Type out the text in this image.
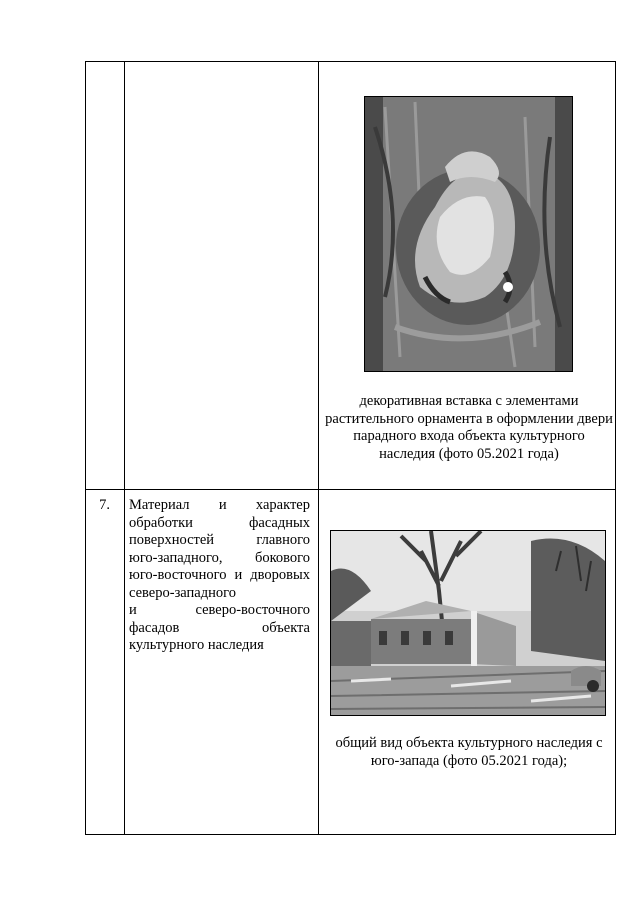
декоративная вставка с элементами растительного орнамента в оформлении двери парадного входа объекта культурного наследия (фото 05.2021 года)
7.	Материал и характер
обработки фасадных
поверхностей главного
юго-западного, бокового
юго-восточного и дворовых
северо-западного
и северо-восточного
фасадов объекта
культурного наследия
общий вид объекта культурного наследия с юго-запада (фото 05.2021 года);
